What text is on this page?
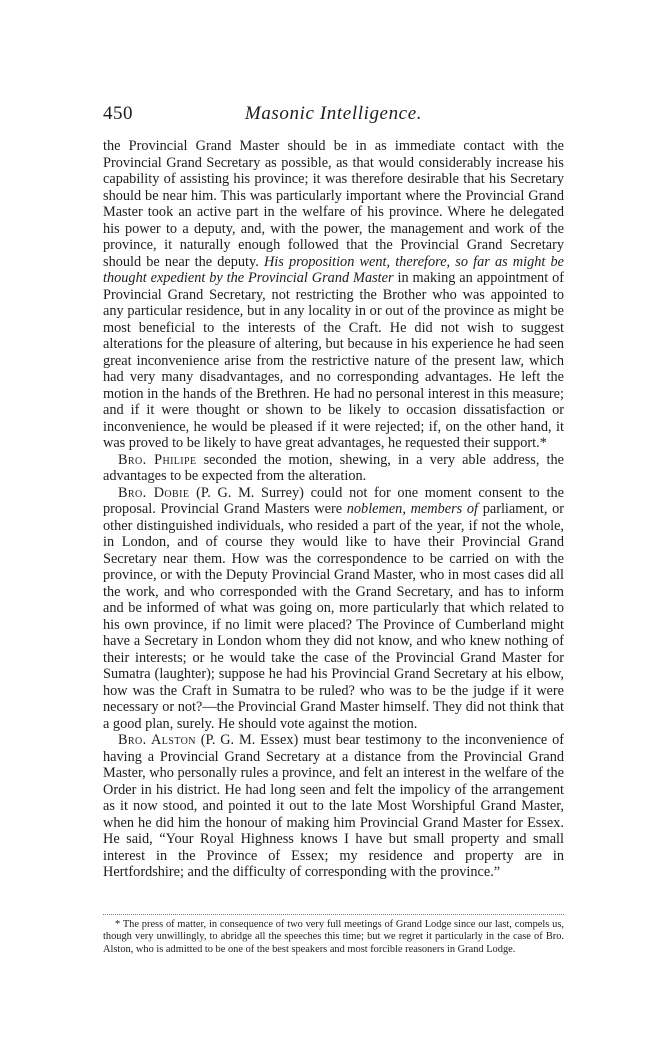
450	Masonic Intelligence.

the Provincial Grand Master should be in as immediate contact with the Provincial Grand Secretary as possible, as that would considerably increase his capability of assisting his province; it was therefore desirable that his Secretary should be near him. This was particularly important where the Provincial Grand Master took an active part in the welfare of his province. Where he delegated his power to a deputy, and, with the power, the management and work of the province, it naturally enough followed that the Provincial Grand Secretary should be near the deputy. His proposition went, therefore, so far as might be thought expedient by the Provincial Grand Master in making an appointment of Provincial Grand Secretary, not restricting the Brother who was appointed to any particular residence, but in any locality in or out of the province as might be most beneficial to the interests of the Craft. He did not wish to suggest alterations for the pleasure of altering, but because in his experience he had seen great inconvenience arise from the restrictive nature of the present law, which had very many disadvantages, and no corresponding advantages. He left the motion in the hands of the Brethren. He had no personal interest in this measure; and if it were thought or shown to be likely to occasion dissatisfaction or inconvenience, he would be pleased if it were rejected; if, on the other hand, it was proved to be likely to have great advantages, he requested their support.*

Bro. Philipe seconded the motion, shewing, in a very able address, the advantages to be expected from the alteration.

Bro. Dobie (P. G. M. Surrey) could not for one moment consent to the proposal. Provincial Grand Masters were noblemen, members of parliament, or other distinguished individuals, who resided a part of the year, if not the whole, in London, and of course they would like to have their Provincial Grand Secretary near them. How was the correspondence to be carried on with the province, or with the Deputy Provincial Grand Master, who in most cases did all the work, and who corresponded with the Grand Secretary, and has to inform and be informed of what was going on, more particularly that which related to his own province, if no limit were placed? The Province of Cumberland might have a Secretary in London whom they did not know, and who knew nothing of their interests; or he would take the case of the Provincial Grand Master for Sumatra (laughter); suppose he had his Provincial Grand Secretary at his elbow, how was the Craft in Sumatra to be ruled? who was to be the judge if it were necessary or not?—the Provincial Grand Master himself. They did not think that a good plan, surely. He should vote against the motion.

Bro. Alston (P. G. M. Essex) must bear testimony to the inconvenience of having a Provincial Grand Secretary at a distance from the Provincial Grand Master, who personally rules a province, and felt an interest in the welfare of the Order in his district. He had long seen and felt the impolicy of the arrangement as it now stood, and pointed it out to the late Most Worshipful Grand Master, when he did him the honour of making him Provincial Grand Master for Essex. He said, “Your Royal Highness knows I have but small property and small interest in the Province of Essex; my residence and property are in Hertfordshire; and the difficulty of corresponding with the province.”

* The press of matter, in consequence of two very full meetings of Grand Lodge since our last, compels us, though very unwillingly, to abridge all the speeches this time; but we regret it particularly in the case of Bro. Alston, who is admitted to be one of the best speakers and most forcible reasoners in Grand Lodge.
